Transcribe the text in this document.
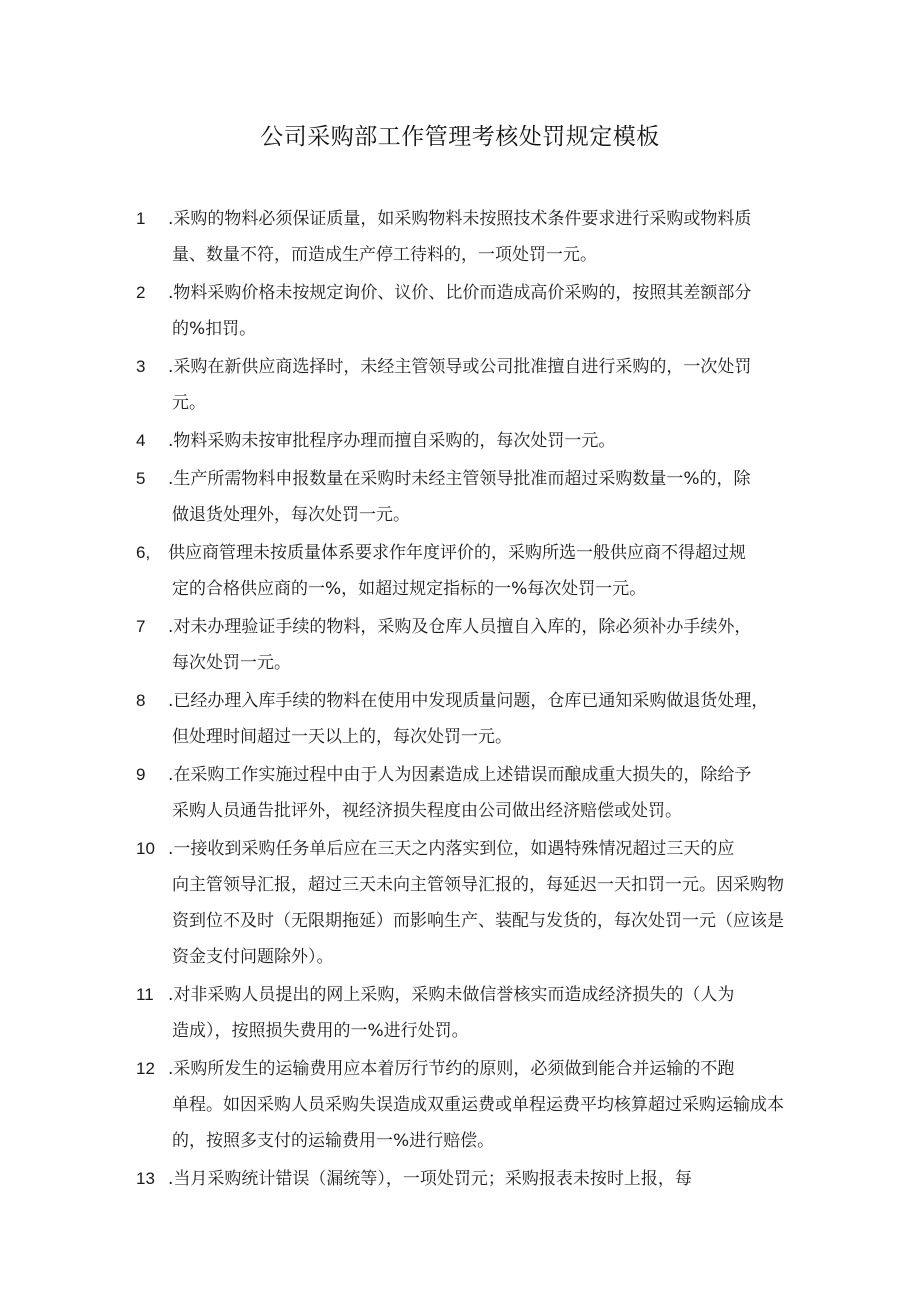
公司采购部工作管理考核处罚规定模板
1 .采购的物料必须保证质量，如采购物料未按照技术条件要求进行采购或物料质
量、数量不符，而造成生产停工待料的，一项处罚一元。
2 .物料采购价格未按规定询价、议价、比价而造成高价采购的，按照其差额部分
的%扣罚。
3 .采购在新供应商选择时，未经主管领导或公司批准擅自进行采购的，一次处罚
元。
4 .物料采购未按审批程序办理而擅自采购的，每次处罚一元。
5 .生产所需物料申报数量在采购时未经主管领导批准而超过采购数量一%的，除
做退货处理外，每次处罚一元。
6, 供应商管理未按质量体系要求作年度评价的，采购所选一般供应商不得超过规
定的合格供应商的一%，如超过规定指标的一%每次处罚一元。
7 .对未办理验证手续的物料，采购及仓库人员擅自入库的，除必须补办手续外，
每次处罚一元。
8 .已经办理入库手续的物料在使用中发现质量问题，仓库已通知采购做退货处理，
但处理时间超过一天以上的，每次处罚一元。
9 .在采购工作实施过程中由于人为因素造成上述错误而酿成重大损失的，除给予
采购人员通告批评外，视经济损失程度由公司做出经济赔偿或处罚。
10 .一接收到采购任务单后应在三天之内落实到位，如遇特殊情况超过三天的应
向主管领导汇报，超过三天未向主管领导汇报的，每延迟一天扣罚一元。因采购物资到位不及时（无限期拖延）而影响生产、装配与发货的，每次处罚一元（应该是资金支付问题除外）。
11 .对非采购人员提出的网上采购，采购未做信誉核实而造成经济损失的（人为
造成），按照损失费用的一%进行处罚。
12 .采购所发生的运输费用应本着厉行节约的原则，必须做到能合并运输的不跑
单程。如因采购人员采购失误造成双重运费或单程运费平均核算超过采购运输成本的，按照多支付的运输费用一%进行赔偿。
13 .当月采购统计错误（漏统等），一项处罚元；采购报表未按时上报，每
